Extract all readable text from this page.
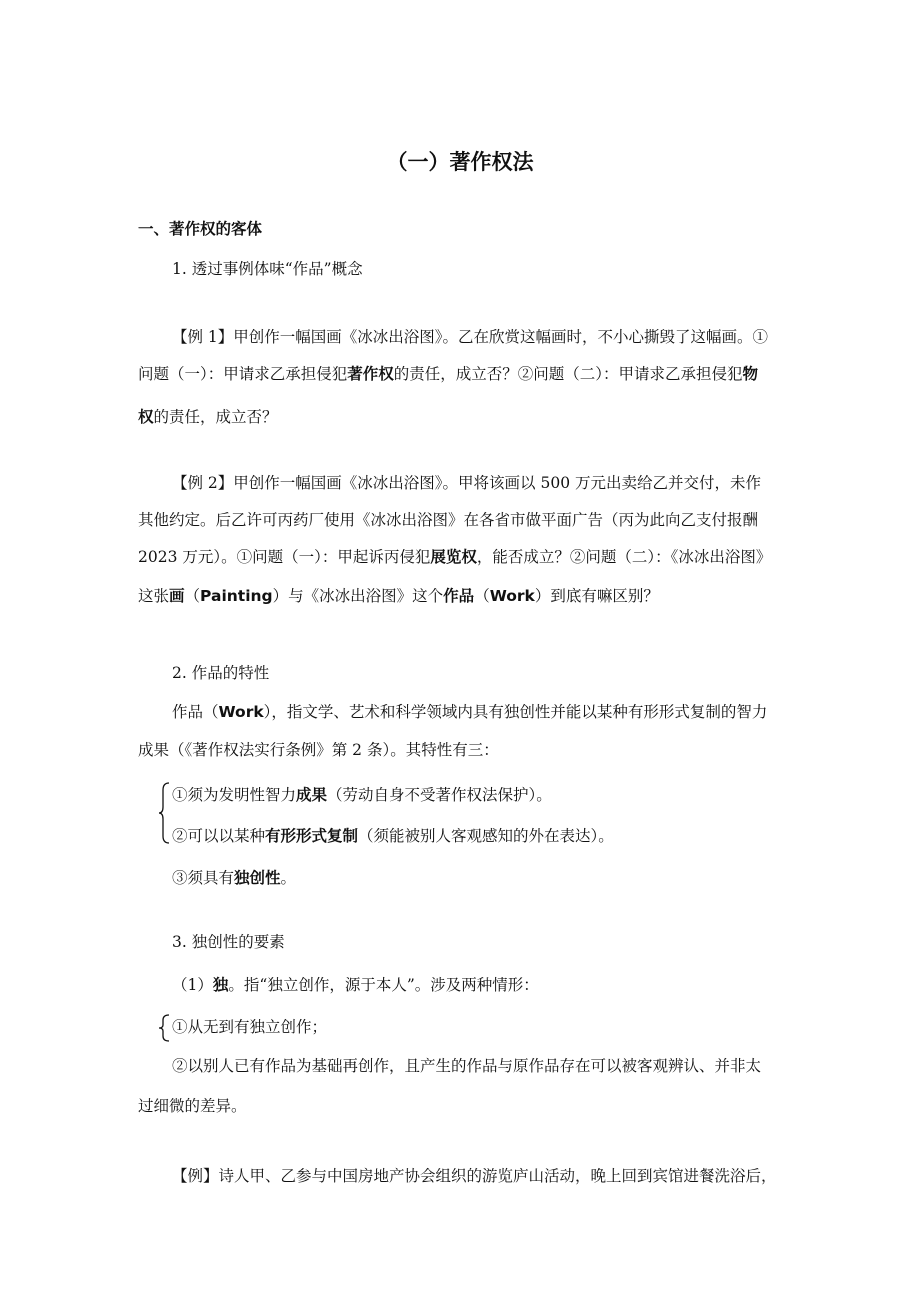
（一）著作权法
一、著作权的客体
1. 透过事例体味“作品”概念
【例 1】甲创作一幅国画《冰冰出浴图》。乙在欣赏这幅画时，不小心撕毁了这幅画。①
问题（一）：甲请求乙承担侵犯著作权的责任，成立否？②问题（二）：甲请求乙承担侵犯物
权的责任，成立否？
【例 2】甲创作一幅国画《冰冰出浴图》。甲将该画以 500 万元出卖给乙并交付，未作
其他约定。后乙许可丙药厂使用《冰冰出浴图》在各省市做平面广告（丙为此向乙支付报酬
2023 万元）。①问题（一）：甲起诉丙侵犯展览权，能否成立？②问题（二）：《冰冰出浴图》
这张画（Painting）与《冰冰出浴图》这个作品（Work）到底有嘛区别？
2. 作品的特性
作品（Work），指文学、艺术和科学领域内具有独创性并能以某种有形形式复制的智力
成果（《著作权法实行条例》第 2 条）。其特性有三：
①须为发明性智力成果（劳动自身不受著作权法保护）。
②可以以某种有形形式复制（须能被别人客观感知的外在表达）。
③须具有独创性。
3. 独创性的要素
（1）独。指“独立创作，源于本人”。涉及两种情形：
①从无到有独立创作；
②以别人已有作品为基础再创作，且产生的作品与原作品存在可以被客观辨认、并非太
过细微的差异。
【例】诗人甲、乙参与中国房地产协会组织的游览庐山活动，晚上回到宾馆进餐洗浴后，
